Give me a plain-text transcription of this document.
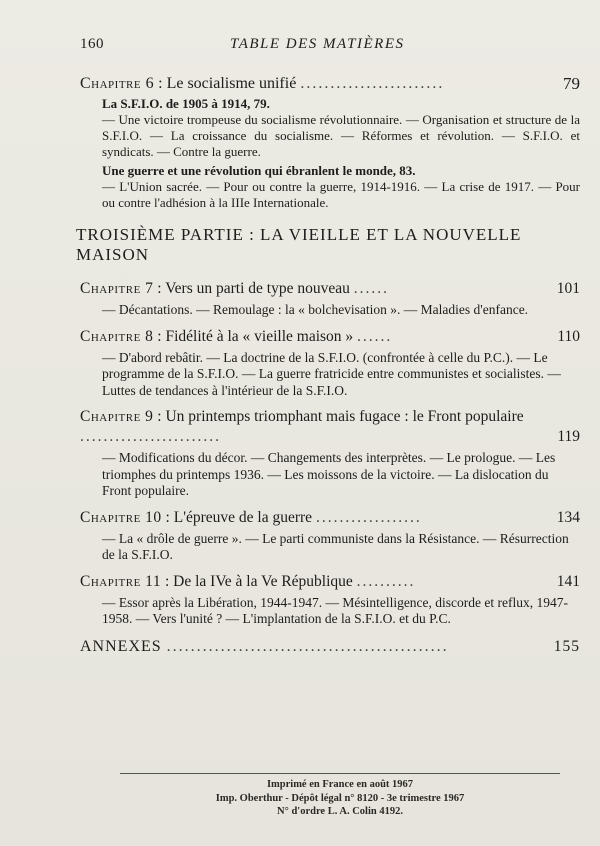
160	TABLE DES MATIÈRES
Chapitre 6 : Le socialisme unifié ........................	79
La S.F.I.O. de 1905 à 1914, 79.
— Une victoire trompeuse du socialisme révolutionnaire. — Organisation et structure de la S.F.I.O. — La croissance du socialisme. — Réformes et révolution. — S.F.I.O. et syndicats. — Contre la guerre.
Une guerre et une révolution qui ébranlent le monde, 83.
— L'Union sacrée. — Pour ou contre la guerre, 1914-1916. — La crise de 1917. — Pour ou contre l'adhésion à la IIIe Internationale.
TROISIÈME PARTIE : LA VIEILLE ET LA NOUVELLE MAISON
Chapitre 7 : Vers un parti de type nouveau ......	101
— Décantations. — Remoulage : la « bolchevisation ». — Maladies d'enfance.
Chapitre 8 : Fidélité à la « vieille maison » ......	110
— D'abord rebâtir. — La doctrine de la S.F.I.O. (confrontée à celle du P.C.). — Le programme de la S.F.I.O. — La guerre fratricide entre communistes et socialistes. — Luttes de tendances à l'intérieur de la S.F.I.O.
Chapitre 9 : Un printemps triomphant mais fugace : le Front populaire ........................	119
— Modifications du décor. — Changements des interprètes. — Le prologue. — Les triomphes du printemps 1936. — Les moissons de la victoire. — La dislocation du Front populaire.
Chapitre 10 : L'épreuve de la guerre ..................	134
— La « drôle de guerre ». — Le parti communiste dans la Résistance. — Résurrection de la S.F.I.O.
Chapitre 11 : De la IVe à la Ve République ..........	141
— Essor après la Libération, 1944-1947. — Mésintelligence, discorde et reflux, 1947-1958. — Vers l'unité ? — L'implantation de la S.F.I.O. et du P.C.
ANNEXES ...............................................	155
Imprimé en France en août 1967
Imp. Oberthur - Dépôt légal n° 8120 - 3e trimestre 1967
N° d'ordre L. A. Colin 4192.
